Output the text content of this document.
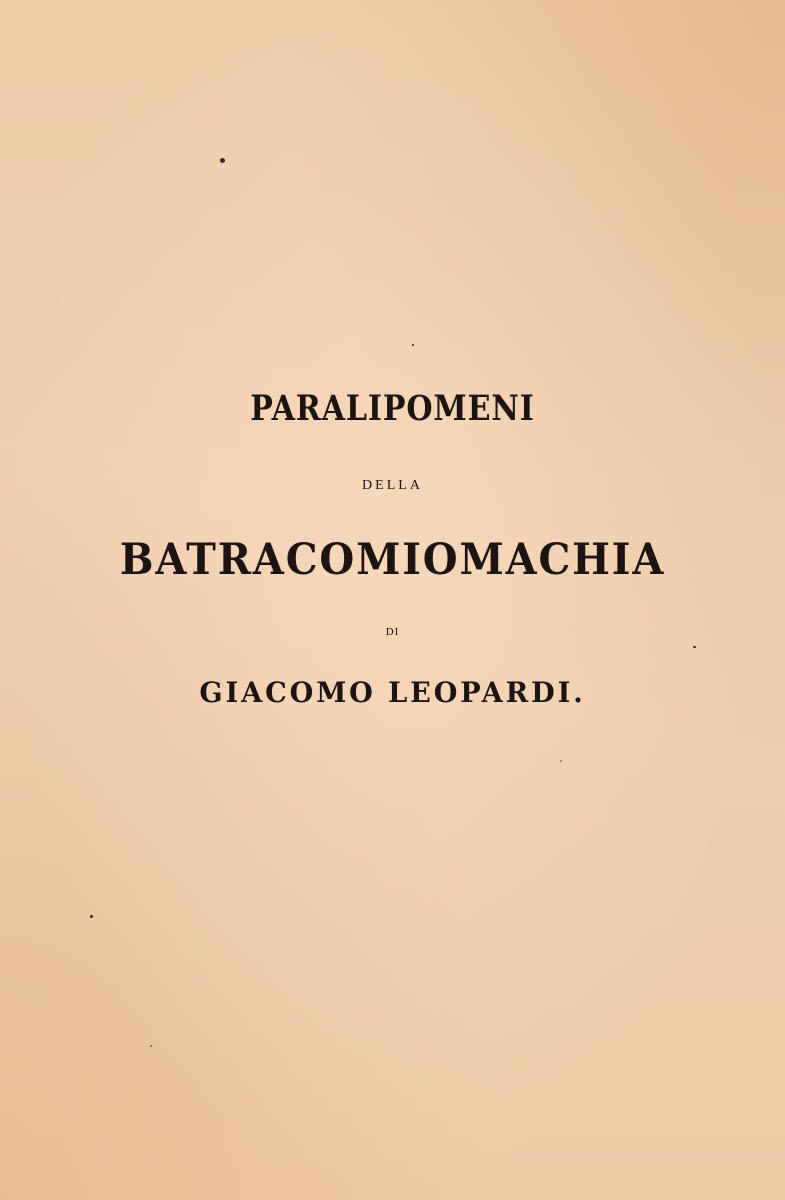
PARALIPOMENI
DELLA
BATRACOMIOMACHIA
DI
GIACOMO LEOPARDI.
